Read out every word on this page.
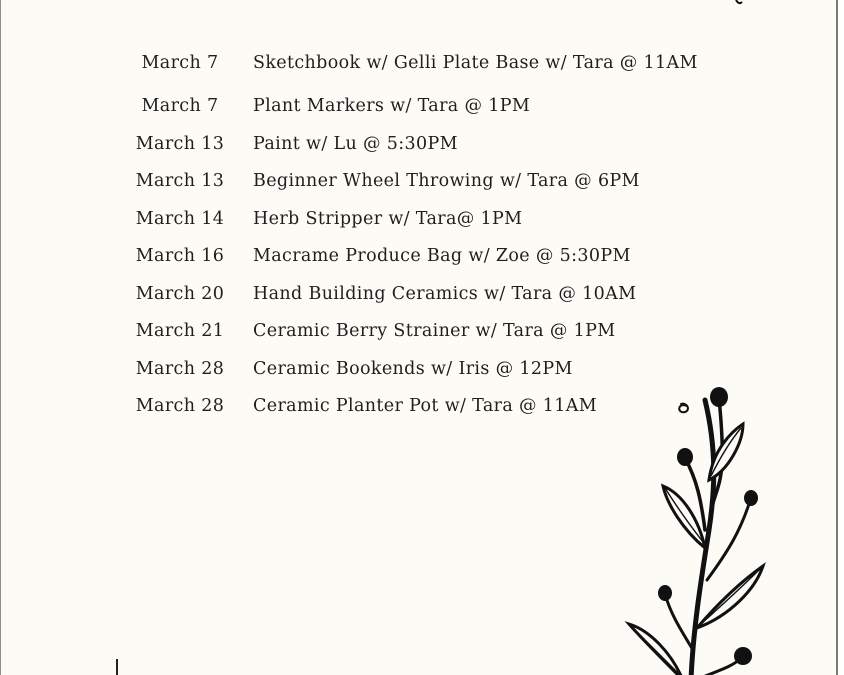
March 7	Sketchbook w/ Gelli Plate Base w/ Tara @ 11AM
March 7	Plant Markers w/ Tara @ 1PM
March 13 Paint w/ Lu @ 5:30PM
March 13 Beginner Wheel Throwing w/ Tara @ 6PM
March 14 Herb Stripper w/ Tara@ 1PM
March 16 Macrame Produce Bag w/ Zoe @ 5:30PM
March 20 Hand Building Ceramics w/ Tara @ 10AM
March 21 Ceramic Berry Strainer w/ Tara @ 1PM
March 28 Ceramic Bookends w/ Iris @ 12PM
March 28 Ceramic Planter Pot w/ Tara @ 11AM
